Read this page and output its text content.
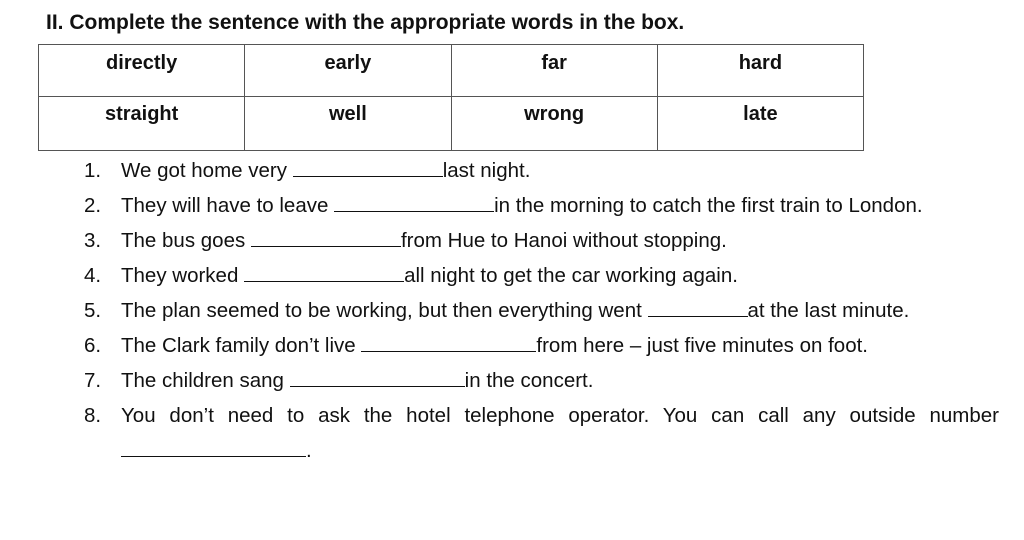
II. Complete the sentence with the appropriate words in the box.
directly	early	far	hard
straight	well	wrong	late
1. We got home very	last night.
2. They will have to leave	in the morning to catch the first train to London.
3. The bus goes	from Hue to Hanoi without stopping.
4. They worked	all night to get the car working again.
5. The plan seemed to be working, but then everything went	at the last minute.
6. The Clark family don’t live	from here – just five minutes on foot.
7. The children sang	in the concert.
8. You don’t need to ask the hotel telephone operator. You can call any outside number .
